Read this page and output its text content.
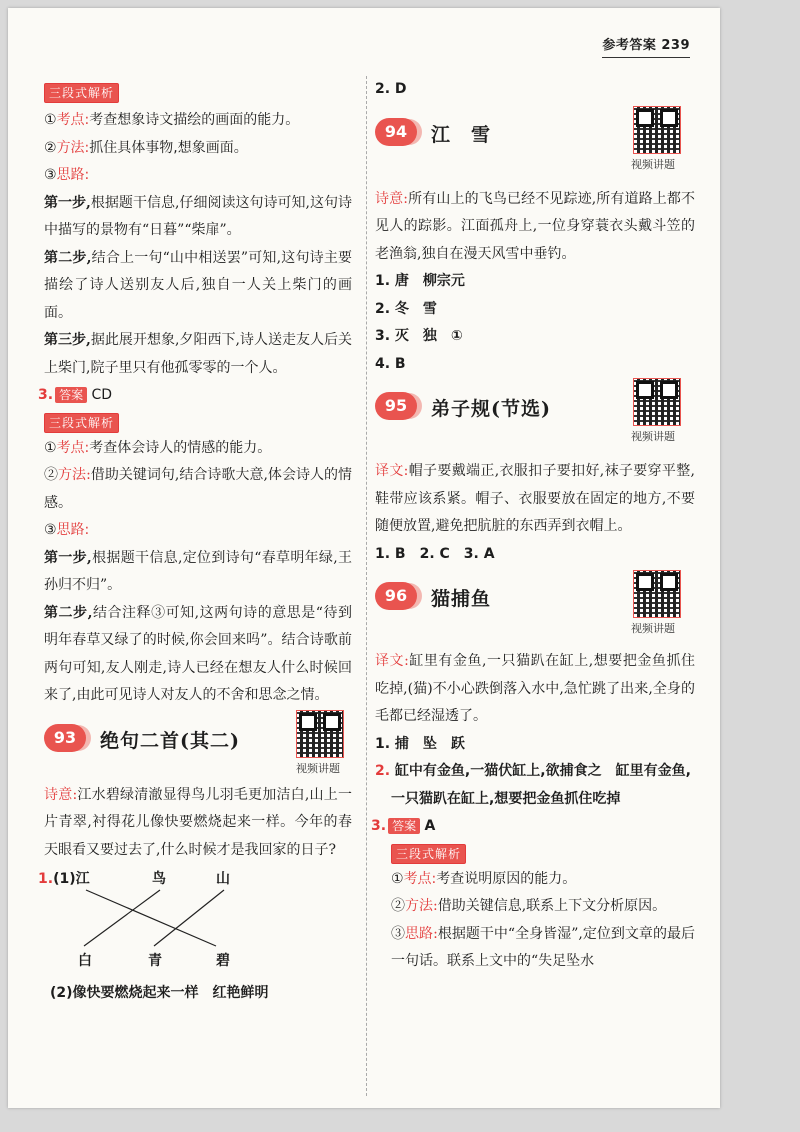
参考答案 239
三段式解析

①考点:考查想象诗文描绘的画面的能力。

②方法:抓住具体事物,想象画面。

③思路:

第一步,根据题干信息,仔细阅读这句诗可知,这句诗中描写的景物有“日暮”“柴扉”。

第二步,结合上一句“山中相送罢”可知,这句诗主要描绘了诗人送别友人后,独自一人关上柴门的画面。

第三步,据此展开想象,夕阳西下,诗人送走友人后关上柴门,院子里只有他孤零零的一个人。

3. 答案 CD

三段式解析

①考点:考查体会诗人的情感的能力。

②方法:借助关键词句,结合诗歌大意,体会诗人的情感。

③思路:

第一步,根据题干信息,定位到诗句“春草明年绿,王孙归不归”。

第二步,结合注释③可知,这两句诗的意思是“待到明年春草又绿了的时候,你会回来吗”。结合诗歌前两句可知,友人刚走,诗人已经在想友人什么时候回来了,由此可见诗人对友人的不舍和思念之情。

93	绝句二首(其二)
视频讲题

诗意:江水碧绿清澈显得鸟儿羽毛更加洁白,山上一片青翠,衬得花儿像快要燃烧起来一样。今年的春天眼看又要过去了,什么时候才是我回家的日子?

1.(1)江	鸟	山
白	青	碧

(2)像快要燃烧起来一样　红艳鲜明

2. D

94	江　雪
视频讲题

诗意:所有山上的飞鸟已经不见踪迹,所有道路上都不见人的踪影。江面孤舟上,一位身穿蓑衣头戴斗笠的老渔翁,独自在漫天风雪中垂钓。

1. 唐　柳宗元

2. 冬　雪

3. 灭　独　①

4. B

95	弟子规(节选)
视频讲题

译文:帽子要戴端正,衣服扣子要扣好,袜子要穿平整,鞋带应该系紧。帽子、衣服要放在固定的地方,不要随便放置,避免把肮脏的东西弄到衣帽上。

1. B　2. C　3. A

96	猫捕鱼
视频讲题

译文:缸里有金鱼,一只猫趴在缸上,想要把金鱼抓住吃掉,(猫)不小心跌倒落入水中,急忙跳了出来,全身的毛都已经湿透了。

1. 捕　坠　跃

2. 缸中有金鱼,一猫伏缸上,欲捕食之　缸里有金鱼,一只猫趴在缸上,想要把金鱼抓住吃掉

3. 答案 A

三段式解析

①考点:考查说明原因的能力。

②方法:借助关键信息,联系上下文分析原因。

③思路:根据题干中“全身皆湿”,定位到文章的最后一句话。联系上文中的“失足坠水
